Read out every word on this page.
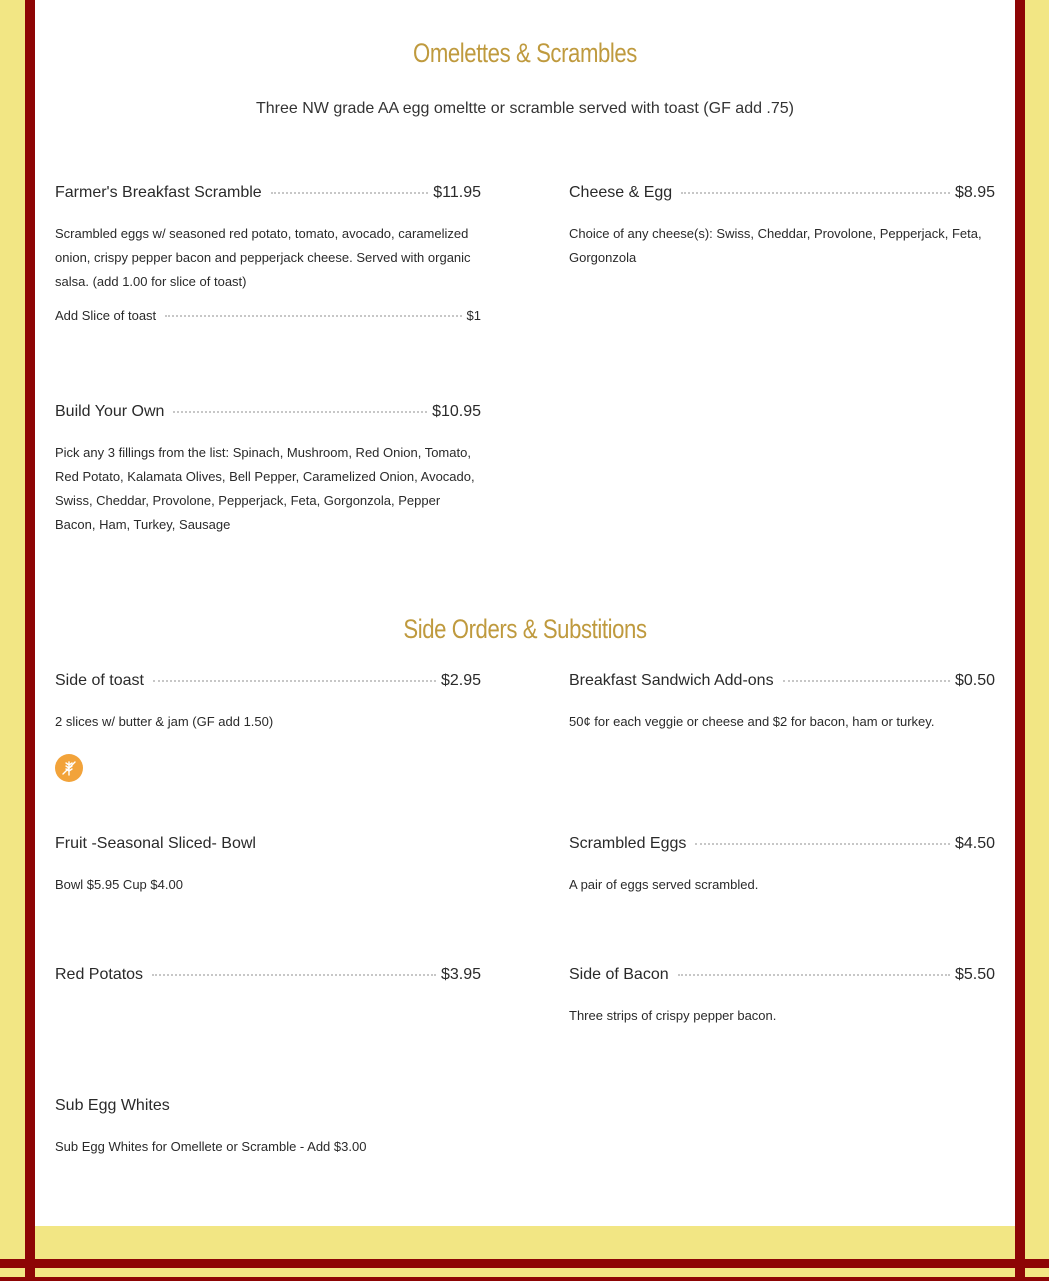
Omelettes & Scrambles
Three NW grade AA egg omeltte or scramble served with toast (GF add .75)
Farmer's Breakfast Scramble	$11.95
Scrambled eggs w/ seasoned red potato, tomato, avocado, caramelized onion, crispy pepper bacon and pepperjack cheese. Served with organic salsa. (add 1.00 for slice of toast)
Add Slice of toast	$1
Cheese & Egg	$8.95
Choice of any cheese(s): Swiss, Cheddar, Provolone, Pepperjack, Feta, Gorgonzola
Build Your Own	$10.95
Pick any 3 fillings from the list: Spinach, Mushroom, Red Onion, Tomato, Red Potato, Kalamata Olives, Bell Pepper, Caramelized Onion, Avocado, Swiss, Cheddar, Provolone, Pepperjack, Feta, Gorgonzola, Pepper Bacon, Ham, Turkey, Sausage
Side Orders & Substitions
Side of toast	$2.95
2 slices w/ butter & jam (GF add 1.50)
Breakfast Sandwich Add-ons	$0.50
50¢ for each veggie or cheese and $2 for bacon, ham or turkey.
Fruit -Seasonal Sliced- Bowl
Bowl $5.95 Cup $4.00
Scrambled Eggs	$4.50
A pair of eggs served scrambled.
Red Potatos	$3.95	Side of Bacon	$5.50
Three strips of crispy pepper bacon.
Sub Egg Whites
Sub Egg Whites for Omellete or Scramble - Add $3.00
